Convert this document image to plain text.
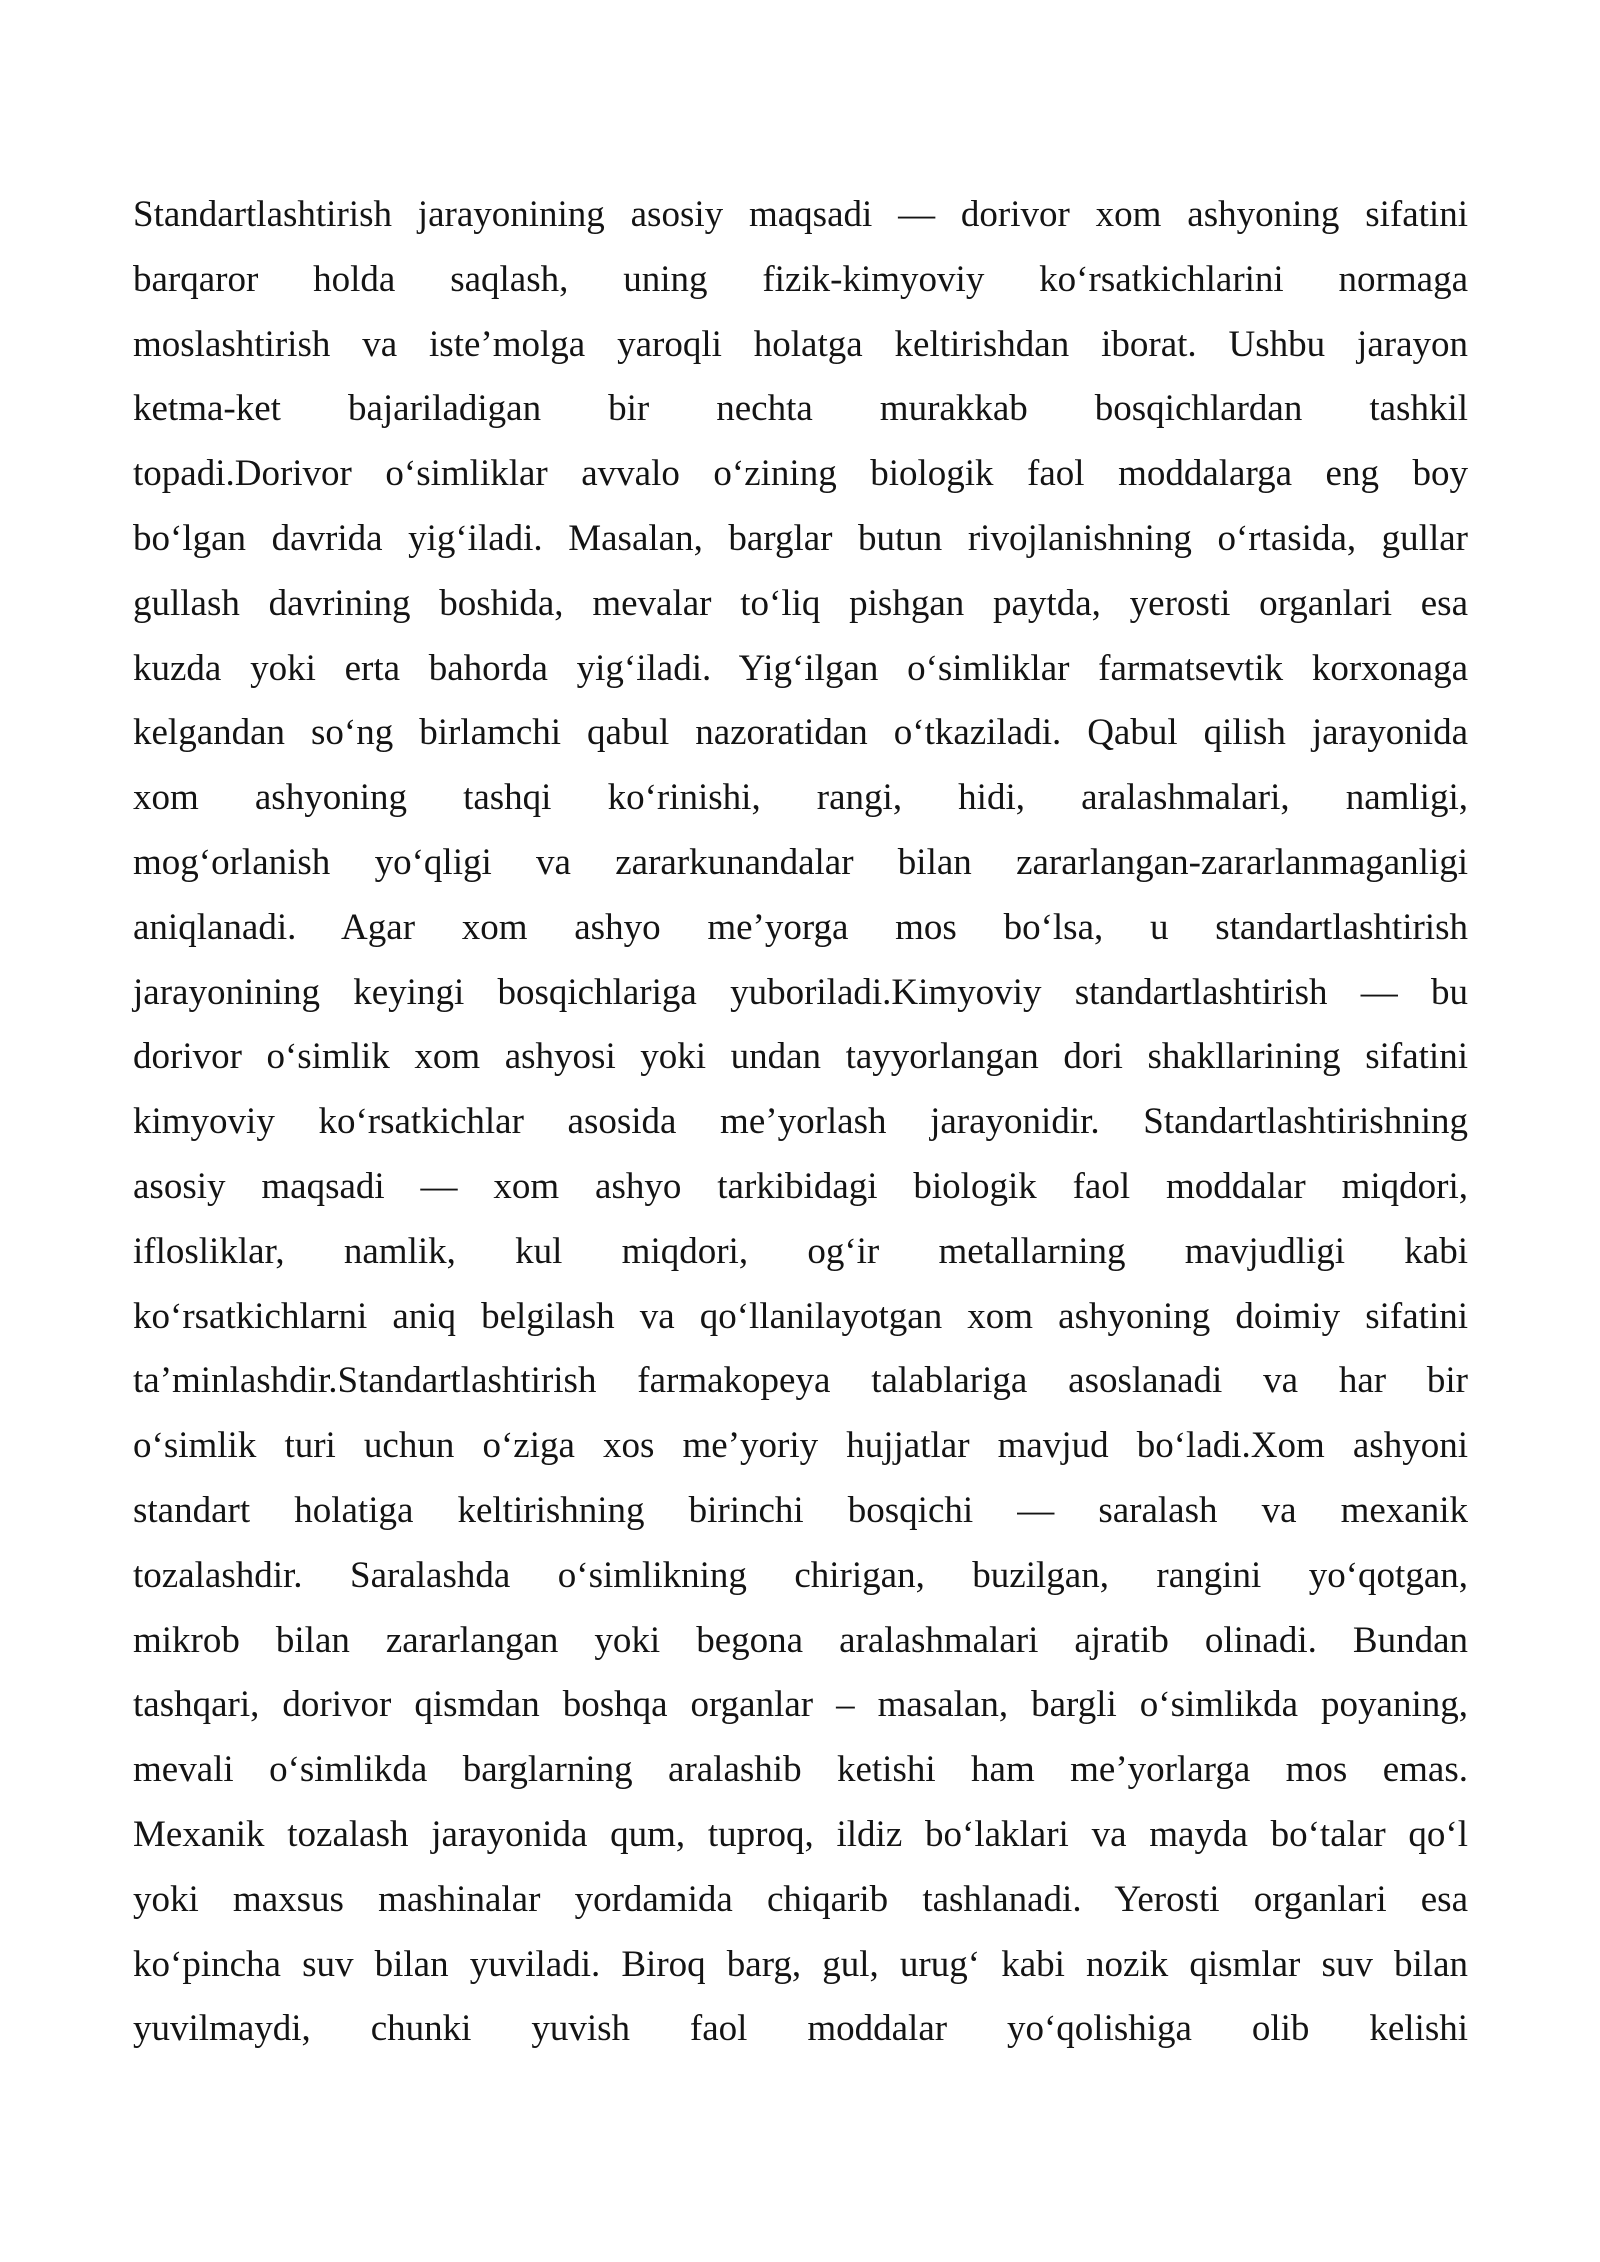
Standartlashtirish jarayonining asosiy maqsadi — dorivor xom ashyoning sifatini
barqaror holda saqlash, uning fizik-kimyoviy ko‘rsatkichlarini normaga
moslashtirish va iste’molga yaroqli holatga keltirishdan iborat. Ushbu jarayon
ketma-ket bajariladigan bir nechta murakkab bosqichlardan tashkil
topadi.Dorivor o‘simliklar avvalo o‘zining biologik faol moddalarga eng boy
bo‘lgan davrida yig‘iladi. Masalan, barglar butun rivojlanishning o‘rtasida, gullar
gullash davrining boshida, mevalar to‘liq pishgan paytda, yerosti organlari esa
kuzda yoki erta bahorda yig‘iladi. Yig‘ilgan o‘simliklar farmatsevtik korxonaga
kelgandan so‘ng birlamchi qabul nazoratidan o‘tkaziladi. Qabul qilish jarayonida
xom ashyoning tashqi ko‘rinishi, rangi, hidi, aralashmalari, namligi,
mog‘orlanish yo‘qligi va zararkunandalar bilan zararlangan-zararlanmaganligi
aniqlanadi. Agar xom ashyo me’yorga mos bo‘lsa, u standartlashtirish
jarayonining keyingi bosqichlariga yuboriladi.Kimyoviy standartlashtirish — bu
dorivor o‘simlik xom ashyosi yoki undan tayyorlangan dori shakllarining sifatini
kimyoviy ko‘rsatkichlar asosida me’yorlash jarayonidir. Standartlashtirishning
asosiy maqsadi — xom ashyo tarkibidagi biologik faol moddalar miqdori,
iflosliklar, namlik, kul miqdori, og‘ir metallarning mavjudligi kabi
ko‘rsatkichlarni aniq belgilash va qo‘llanilayotgan xom ashyoning doimiy sifatini
ta’minlashdir.Standartlashtirish farmakopeya talablariga asoslanadi va har bir
o‘simlik turi uchun o‘ziga xos me’yoriy hujjatlar mavjud bo‘ladi.Xom ashyoni
standart holatiga keltirishning birinchi bosqichi — saralash va mexanik
tozalashdir. Saralashda o‘simlikning chirigan, buzilgan, rangini yo‘qotgan,
mikrob bilan zararlangan yoki begona aralashmalari ajratib olinadi. Bundan
tashqari, dorivor qismdan boshqa organlar – masalan, bargli o‘simlikda poyaning,
mevali o‘simlikda barglarning aralashib ketishi ham me’yorlarga mos emas.
Mexanik tozalash jarayonida qum, tuproq, ildiz bo‘laklari va mayda bo‘talar qo‘l
yoki maxsus mashinalar yordamida chiqarib tashlanadi. Yerosti organlari esa
ko‘pincha suv bilan yuviladi. Biroq barg, gul, urug‘ kabi nozik qismlar suv bilan
yuvilmaydi, chunki yuvish faol moddalar yo‘qolishiga olib kelishi
